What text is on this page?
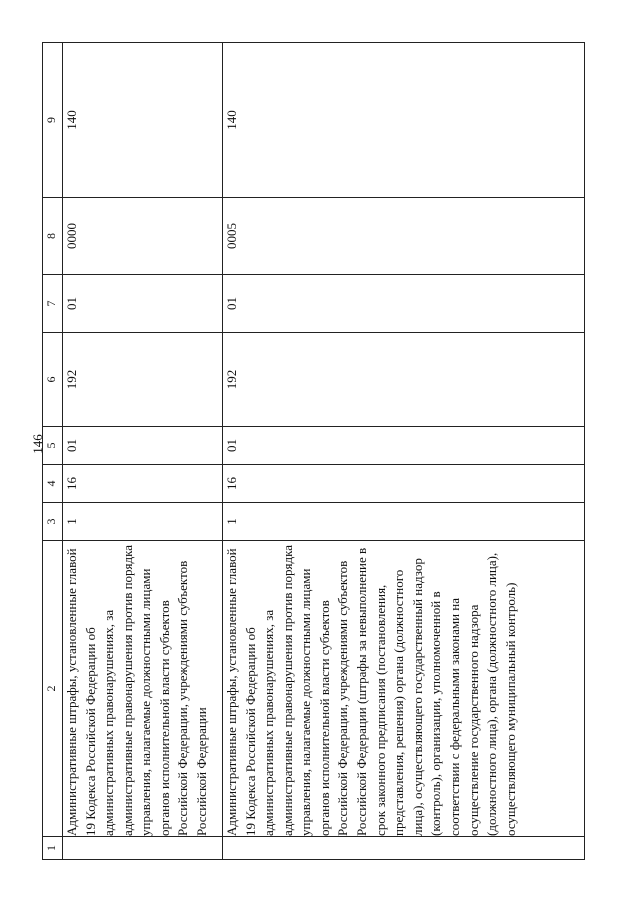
146
1	2	3	4	5	6	7	8	9
	Административные штрафы, установленные главой 19 Кодекса Российской Федерации об административных правонарушениях, за административные правонарушения против порядка управления, налагаемые должностными лицами органов исполнительной власти субъектов Российской Федерации, учреждениями субъектов Российской Федерации	1	16	01	192	01	0000	140
	Административные штрафы, установленные главой 19 Кодекса Российской Федерации об административных правонарушениях, за административные правонарушения против порядка управления, налагаемые должностными лицами органов исполнительной власти субъектов Российской Федерации, учреждениями субъектов Российской Федерации (штрафы за невыполнение в срок законного предписания (постановления, представления, решения) органа (должностного лица), осуществляющего государственный надзор (контроль), организации, уполномоченной в соответствии с федеральными законами на осуществление государственного надзора (должностного лица), органа (должностного лица), осуществляющего муниципальный контроль)	1	16	01	192	01	0005	140
